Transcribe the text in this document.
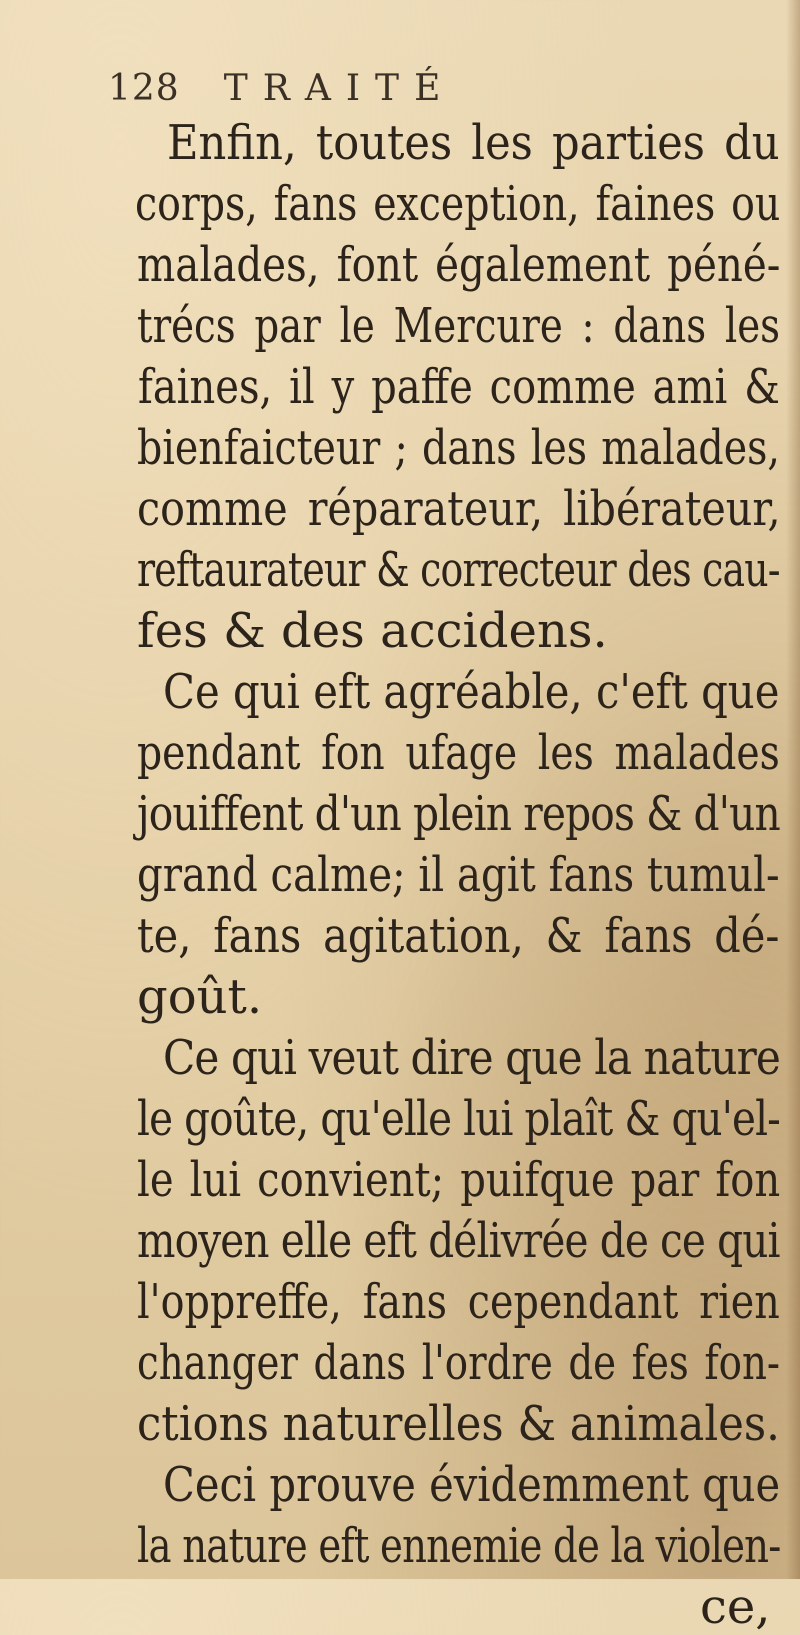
128 TRAITÉ
Enfin, toutes les parties du
corps, fans exception, faines ou
malades, font également péné-
trécs par le Mercure : dans les
faines, il y paffe comme ami &
bienfaicteur ; dans les malades,
comme réparateur, libérateur,
reftaurateur & correcteur des cau-
fes & des accidens.
Ce qui eft agréable, c'eft que
pendant fon ufage les malades
jouiffent d'un plein repos & d'un
grand calme; il agit fans tumul-
te, fans agitation, & fans dé-
goût.
Ce qui veut dire que la nature
le goûte, qu'elle lui plaît & qu'el-
le lui convient; puifque par fon
moyen elle eft délivrée de ce qui
l'oppreffe, fans cependant rien
changer dans l'ordre de fes fon-
ctions naturelles & animales.
Ceci prouve évidemment que
la nature eft ennemie de la violen-
ce,
